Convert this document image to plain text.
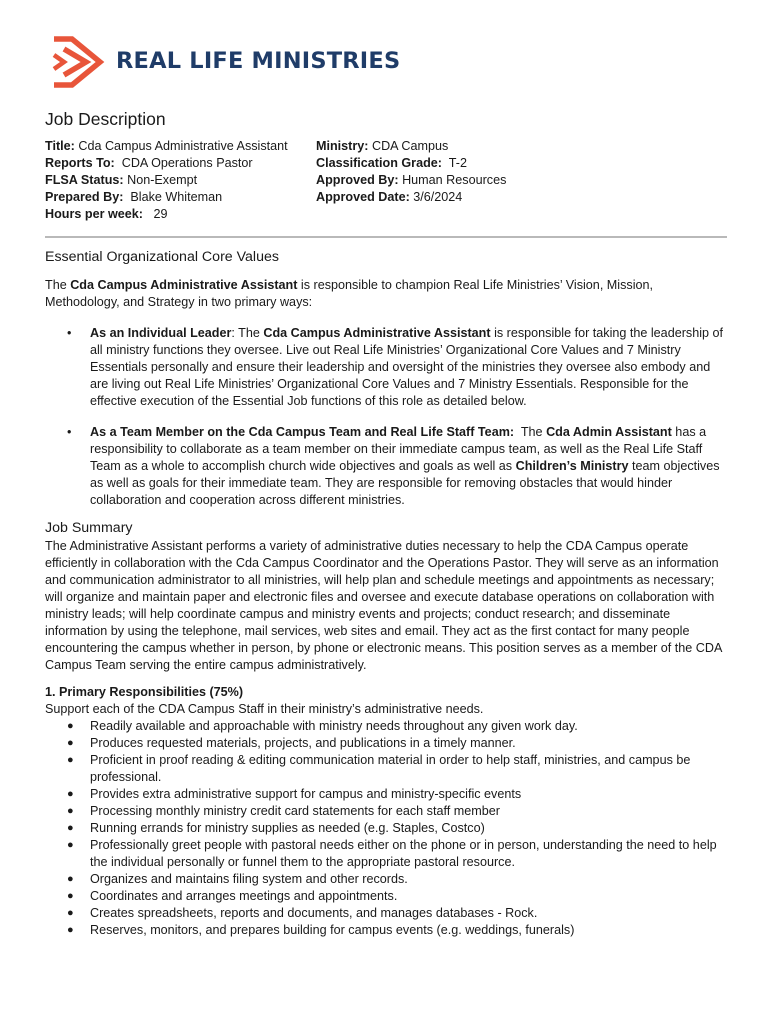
REAL LIFE MINISTRIES
Job Description
Title: Cda Campus Administrative Assistant
Reports To:  CDA Operations Pastor
FLSA Status: Non-Exempt
Prepared By:  Blake Whiteman
Hours per week:   29
Ministry: CDA Campus
Classification Grade:  T-2
Approved By: Human Resources
Approved Date: 3/6/2024
Essential Organizational Core Values

The Cda Campus Administrative Assistant is responsible to champion Real Life Ministries’ Vision, Mission, Methodology, and Strategy in two primary ways:

• As an Individual Leader: The Cda Campus Administrative Assistant is responsible for taking the leadership of all ministry functions they oversee. Live out Real Life Ministries’ Organizational Core Values and 7 Ministry Essentials personally and ensure their leadership and oversight of the ministries they oversee also embody and are living out Real Life Ministries’ Organizational Core Values and 7 Ministry Essentials. Responsible for the effective execution of the Essential Job functions of this role as detailed below.
• As a Team Member on the Cda Campus Team and Real Life Staff Team:  The Cda Admin Assistant has a responsibility to collaborate as a team member on their immediate campus team, as well as the Real Life Staff Team as a whole to accomplish church wide objectives and goals as well as Children’s Ministry team objectives as well as goals for their immediate team. They are responsible for removing obstacles that would hinder collaboration and cooperation across different ministries.
Job Summary

The Administrative Assistant performs a variety of administrative duties necessary to help the CDA Campus operate efficiently in collaboration with the Cda Campus Coordinator and the Operations Pastor. They will serve as an information and communication administrator to all ministries, will help plan and schedule meetings and appointments as necessary; will organize and maintain paper and electronic files and oversee and execute database operations on collaboration with ministry leads; will help coordinate campus and ministry events and projects; conduct research; and disseminate information by using the telephone, mail services, web sites and email. They act as the first contact for many people encountering the campus whether in person, by phone or electronic means. This position serves as a member of the CDA Campus Team serving the entire campus administratively.

1. Primary Responsibilities (75%)

Support each of the CDA Campus Staff in their ministry’s administrative needs.

● Readily available and approachable with ministry needs throughout any given work day.
● Produces requested materials, projects, and publications in a timely manner.
● Proficient in proof reading & editing communication material in order to help staff, ministries, and campus be professional.
● Provides extra administrative support for campus and ministry-specific events
● Processing monthly ministry credit card statements for each staff member
● Running errands for ministry supplies as needed (e.g. Staples, Costco)
● Professionally greet people with pastoral needs either on the phone or in person, understanding the need to help the individual personally or funnel them to the appropriate pastoral resource.
● Organizes and maintains filing system and other records.
● Coordinates and arranges meetings and appointments.
● Creates spreadsheets, reports and documents, and manages databases - Rock.
● Reserves, monitors, and prepares building for campus events (e.g. weddings, funerals)
